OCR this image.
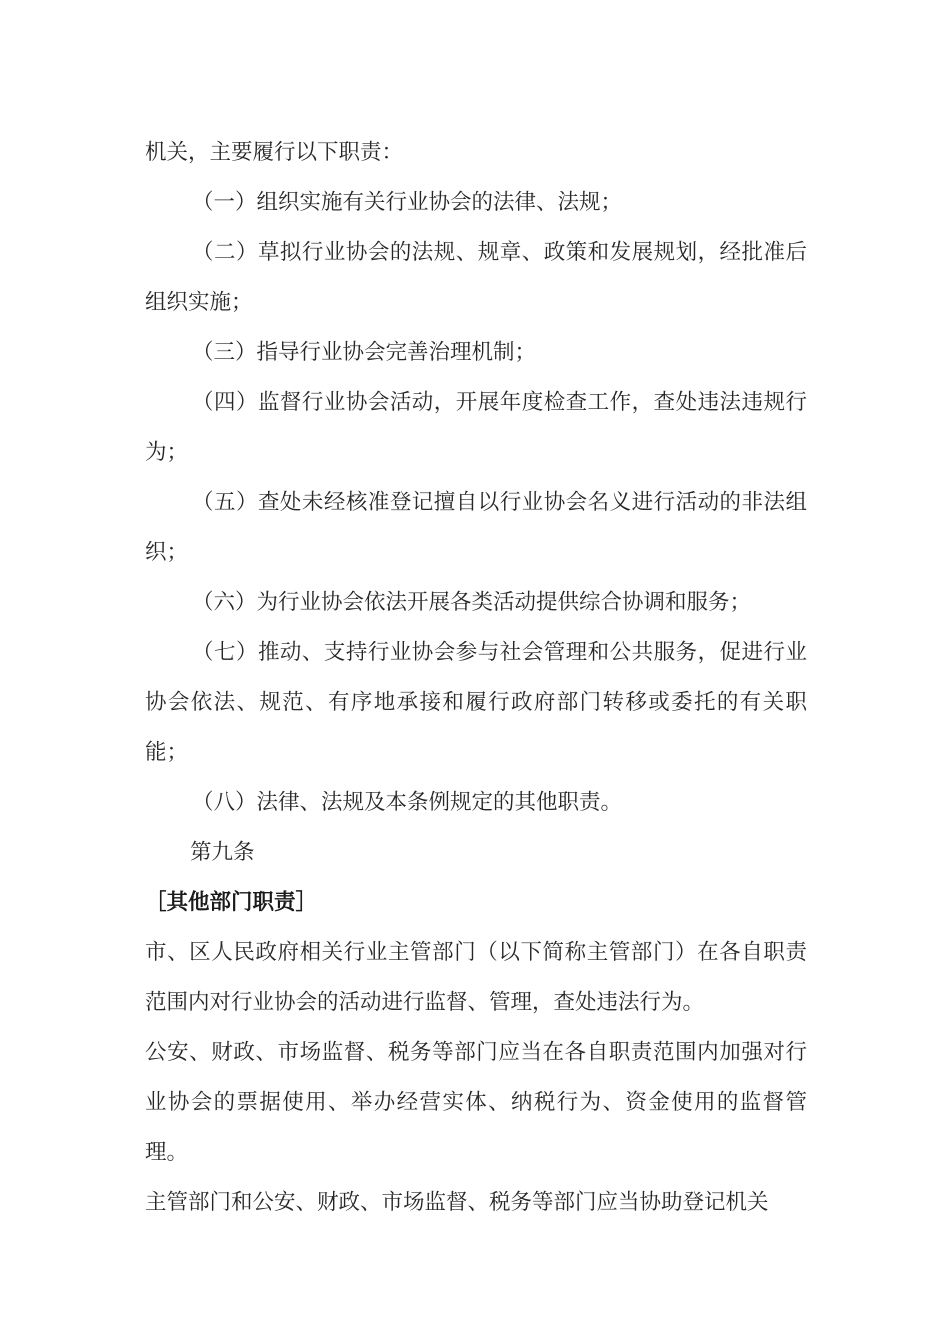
机关，主要履行以下职责：

（一）组织实施有关行业协会的法律、法规；

（二）草拟行业协会的法规、规章、政策和发展规划，经批准后组织实施；

（三）指导行业协会完善治理机制；

（四）监督行业协会活动，开展年度检查工作，查处违法违规行为；

（五）查处未经核准登记擅自以行业协会名义进行活动的非法组织；

（六）为行业协会依法开展各类活动提供综合协调和服务；

（七）推动、支持行业协会参与社会管理和公共服务，促进行业协会依法、规范、有序地承接和履行政府部门转移或委托的有关职能；

（八）法律、法规及本条例规定的其他职责。

第九条

［其他部门职责］

市、区人民政府相关行业主管部门（以下简称主管部门）在各自职责范围内对行业协会的活动进行监督、管理，查处违法行为。

公安、财政、市场监督、税务等部门应当在各自职责范围内加强对行业协会的票据使用、举办经营实体、纳税行为、资金使用的监督管理。

主管部门和公安、财政、市场监督、税务等部门应当协助登记机关
